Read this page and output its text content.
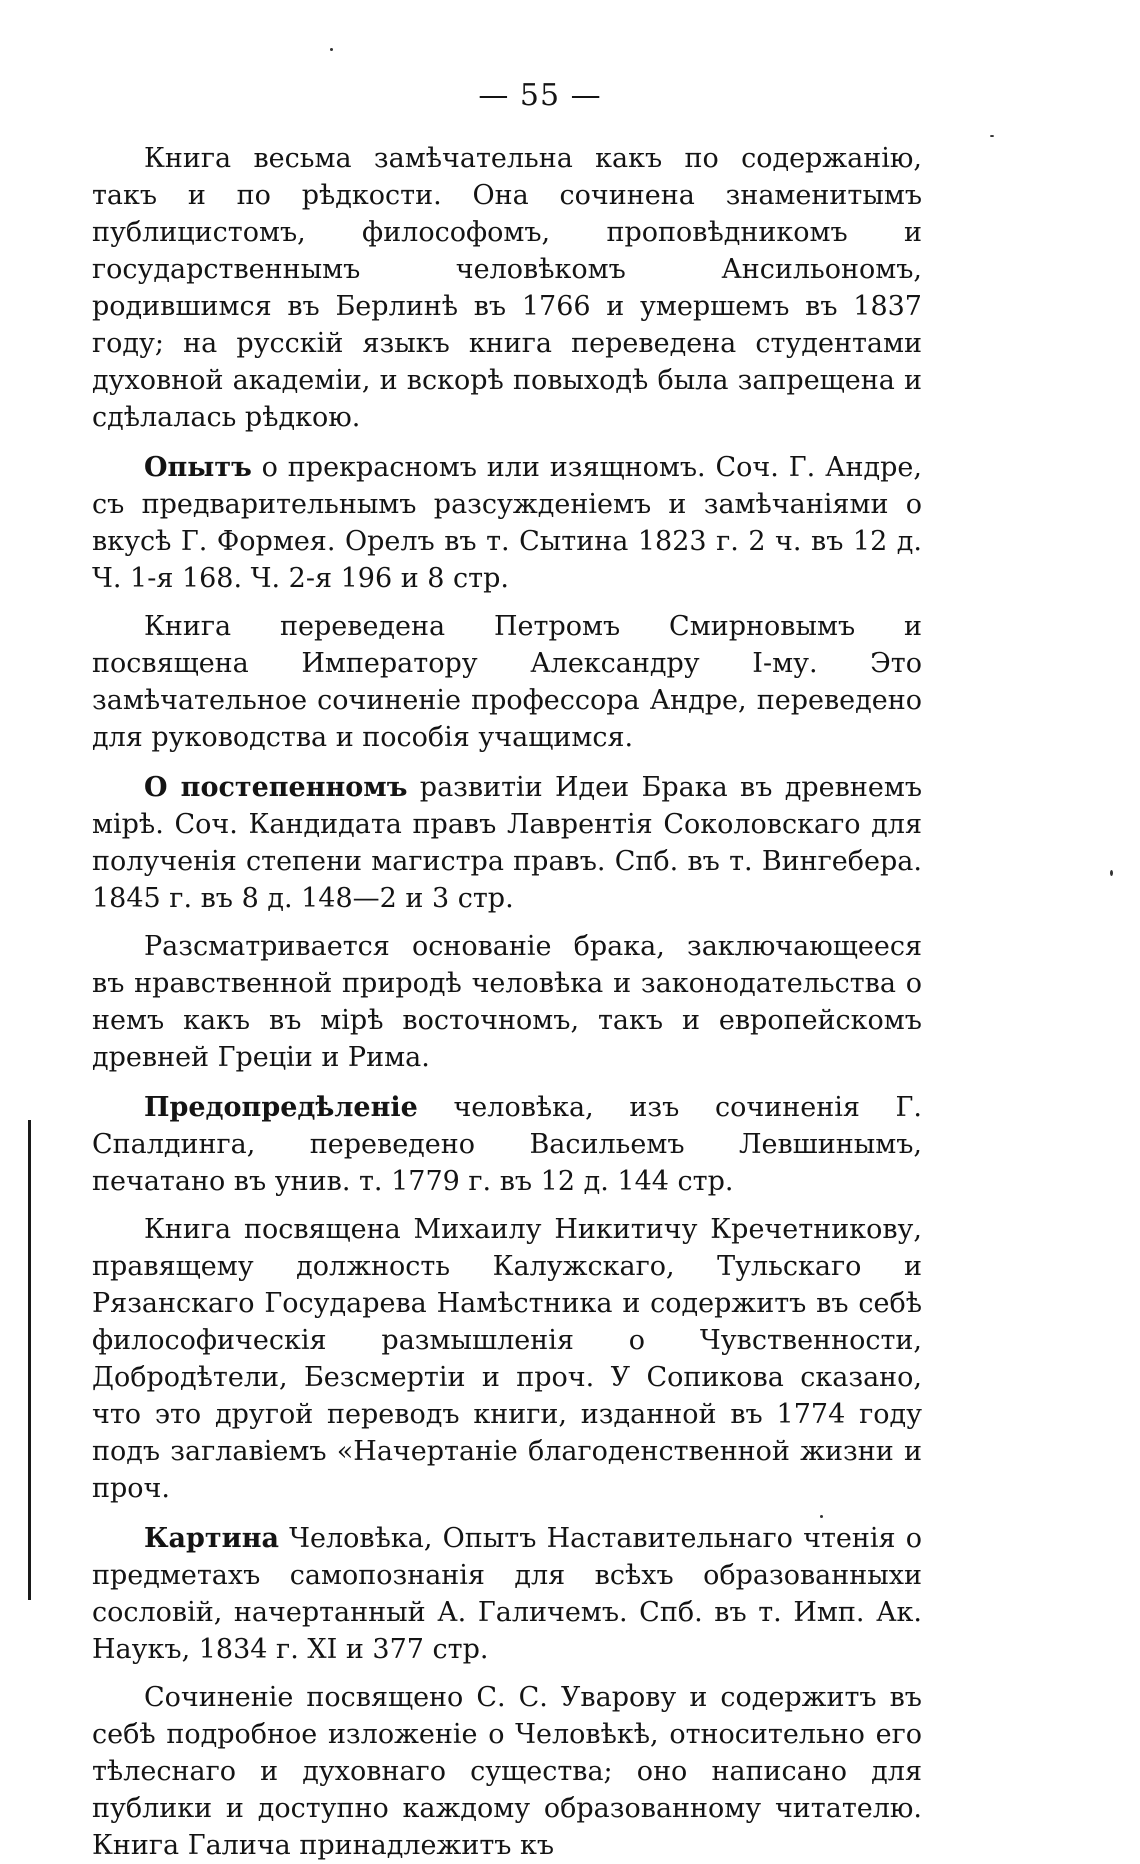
— 55 —

Книга весьма замѣчательна какъ по содержанію, такъ и по рѣдкости. Она сочинена знаменитымъ публицистомъ, философомъ, проповѣдникомъ и государственнымъ человѣкомъ Ансильономъ, родившимся въ Берлинѣ въ 1766 и умершемъ въ 1837 году; на русскій языкъ книга переведена студентами духовной академіи, и вскорѣ повыходѣ была запрещена и сдѣлалась рѣдкою.

Опытъ о прекрасномъ или изящномъ. Соч. Г. Андре, съ предварительнымъ разсужденіемъ и замѣчаніями о вкусѣ Г. Формея. Орелъ въ т. Сытина 1823 г. 2 ч. въ 12 д. Ч. 1-я 168. Ч. 2-я 196 и 8 стр.

Книга переведена Петромъ Смирновымъ и посвящена Императору Александру I-му. Это замѣчательное сочиненіе профессора Андре, переведено для руководства и пособія учащимся.

О постепенномъ развитіи Идеи Брака въ древнемъ мірѣ. Соч. Кандидата правъ Лаврентія Соколовскаго для полученія степени магистра правъ. Спб. въ т. Вингебера. 1845 г. въ 8 д. 148—2 и 3 стр.

Разсматривается основаніе брака, заключающееся въ нравственной природѣ человѣка и законодательства о немъ какъ въ мірѣ восточномъ, такъ и европейскомъ древней Греціи и Рима.

Предопредѣленіе человѣка, изъ сочиненія Г. Спалдинга, переведено Васильемъ Левшинымъ, печатано въ унив. т. 1779 г. въ 12 д. 144 стр.

Книга посвящена Михаилу Никитичу Кречетникову, правящему должность Калужскаго, Тульскаго и Рязанскаго Государева Намѣстника и содержитъ въ себѣ философическія размышленія о Чувственности, Добродѣтели, Безсмертіи и проч. У Сопикова сказано, что это другой переводъ книги, изданной въ 1774 году подъ заглавіемъ «Начертаніе благоденственной жизни и проч.

Картина Человѣка, Опытъ Наставительнаго чтенія о предметахъ самопознанія для всѣхъ образованныхи сословій, начертанный А. Галичемъ. Спб. въ т. Имп. Ак. Наукъ, 1834 г. XI и 377 стр.

Сочиненіе посвящено С. С. Уварову и содержитъ въ себѣ подробное изложеніе о Человѣкѣ, относительно его тѣлеснаго и духовнаго существа; оно написано для публики и доступно каждому образованному читателю. Книга Галича принадлежитъ къ
